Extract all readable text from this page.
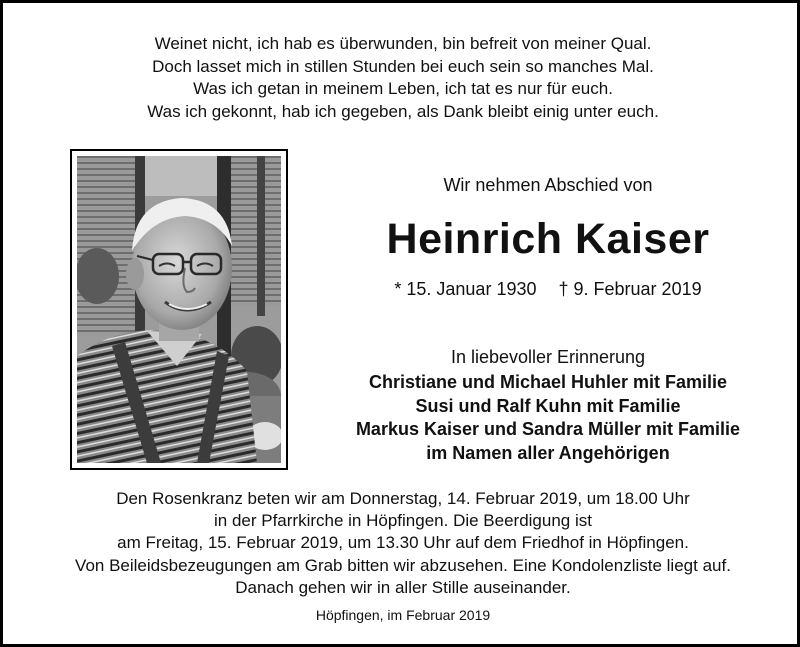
Weinet nicht, ich hab es überwunden, bin befreit von meiner Qual.
Doch lasset mich in stillen Stunden bei euch sein so manches Mal.
Was ich getan in meinem Leben, ich tat es nur für euch.
Was ich gekonnt, hab ich gegeben, als Dank bleibt einig unter euch.
Wir nehmen Abschied von
Heinrich Kaiser
* 15. Januar 1930 † 9. Februar 2019
In liebevoller Erinnerung
Christiane und Michael Huhler mit Familie
Susi und Ralf Kuhn mit Familie
Markus Kaiser und Sandra Müller mit Familie
im Namen aller Angehörigen
Den Rosenkranz beten wir am Donnerstag, 14. Februar 2019, um 18.00 Uhr
in der Pfarrkirche in Höpfingen. Die Beerdigung ist
am Freitag, 15. Februar 2019, um 13.30 Uhr auf dem Friedhof in Höpfingen.
Von Beileidsbezeugungen am Grab bitten wir abzusehen. Eine Kondolenzliste liegt auf.
Danach gehen wir in aller Stille auseinander.
Höpfingen, im Februar 2019
